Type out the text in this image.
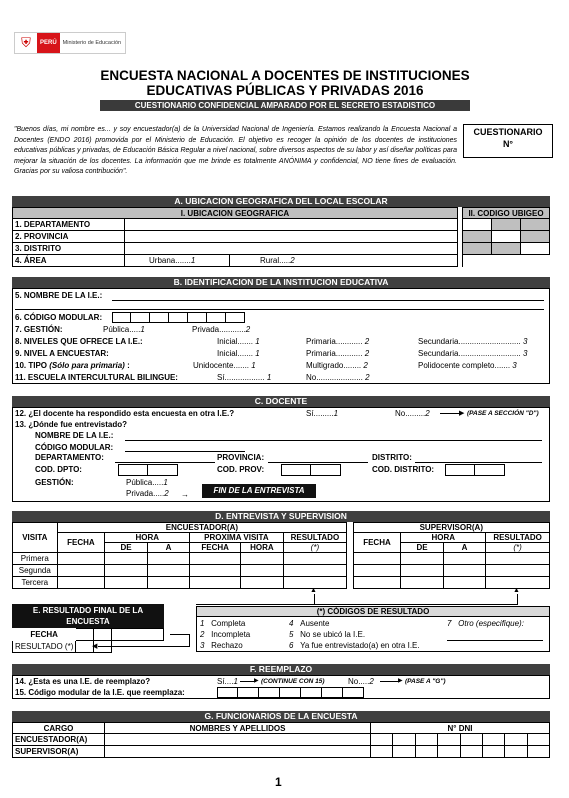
⛨	PERÚ	Ministerio de Educación
ENCUESTA NACIONAL A DOCENTES DE INSTITUCIONES
EDUCATIVAS PÚBLICAS Y PRIVADAS 2016
CUESTIONARIO CONFIDENCIAL AMPARADO POR EL SECRETO ESTADISTICO
"Buenos días, mi nombre es... y soy encuestador(a) de la Universidad Nacional de Ingeniería. Estamos realizando la Encuesta Nacional a Docentes (ENDO 2016) promovida por el Ministerio de Educación. El objetivo es recoger la opinión de los docentes de instituciones educativas públicas y privadas, de Educación Básica Regular a nivel nacional, sobre diversos aspectos de su labor y así diseñar políticas para mejorar la situación de los docentes. La información que me brinde es totalmente ANÓNIMA y confidencial, NO tiene fines de evaluación. Gracias por su valiosa contribución".
CUESTIONARIO
N°
A. UBICACION GEOGRAFICA DEL LOCAL ESCOLAR
I. UBICACION GEOGRAFICA				II. CODIGO UBIGEO		
1. DEPARTAMENTO						
2. PROVINCIA						
3. DISTRITO						
4. ÁREA	Urbana.......1	Rural.....2				
B. IDENTIFICACION DE LA INSTITUCION EDUCATIVA
5. NOMBRE DE LA I.E.:
6. CÓDIGO MODULAR:
7. GESTIÓN:	Pública.....1	Privada............2
8. NIVELES QUE OFRECE LA I.E.:	Inicial....... 1	Primaria............ 2	Secundaria............................ 3
9. NIVEL A ENCUESTAR:	Inicial....... 1	Primaria............ 2	Secundaria............................ 3
10. TIPO (Sólo para primaria) :	Unidocente....... 1	Multigrado........ 2	Polidocente completo....... 3
11. ESCUELA INTERCULTURAL BILINGUE:	Sí.................. 1	No..................... 2
C. DOCENTE
12. ¿El docente ha respondido esta encuesta en otra I.E.?	Sí.........1	No.........2	▶ (PASE A SECCIÓN "D")
13. ¿Dónde fue entrevistado?
NOMBRE DE LA I.E.:
CÓDIGO MODULAR:
DEPARTAMENTO:	PROVINCIA:	DISTRITO:
COD. DPTO:	COD. PROV:	COD. DISTRITO:
GESTIÓN:	Pública.....1
Privada.....2 →	FIN DE LA ENTREVISTA
D. ENTREVISTA Y SUPERVISION
VISITA	ENCUESTADOR(A)							SUPERVISOR(A)			
	FECHA	HORA		PROXIMA VISITA		RESULTADO		FECHA	HORA		RESULTADO
		DE	A	FECHA	HORA	(*)			DE	A	(*)
Primera											
Segunda											
Tercera											
▲	▲
E. RESULTADO FINAL DE LA
ENCUESTA
FECHA			
RESULTADO (*)				◀
(*) CÓDIGOS DE RESULTADO
1 Completa
2 Incompleta
3 Rechazo
4 Ausente
5 No se ubicó la I.E.
6 Ya fue entrevistado(a) en otra I.E.
7 Otro (especifique):
F. REEMPLAZO
14. ¿Esta es una I.E. de reemplazo?	Sí....1	▶ (CONTINUE CON 15)	No.....2	▶ (PASE A "G")
15. Código modular de la I.E. que reemplaza:
G. FUNCIONARIOS DE LA ENCUESTA
CARGO	NOMBRES Y APELLIDOS	N° DNI							
ENCUESTADOR(A)									
SUPERVISOR(A)									
1
